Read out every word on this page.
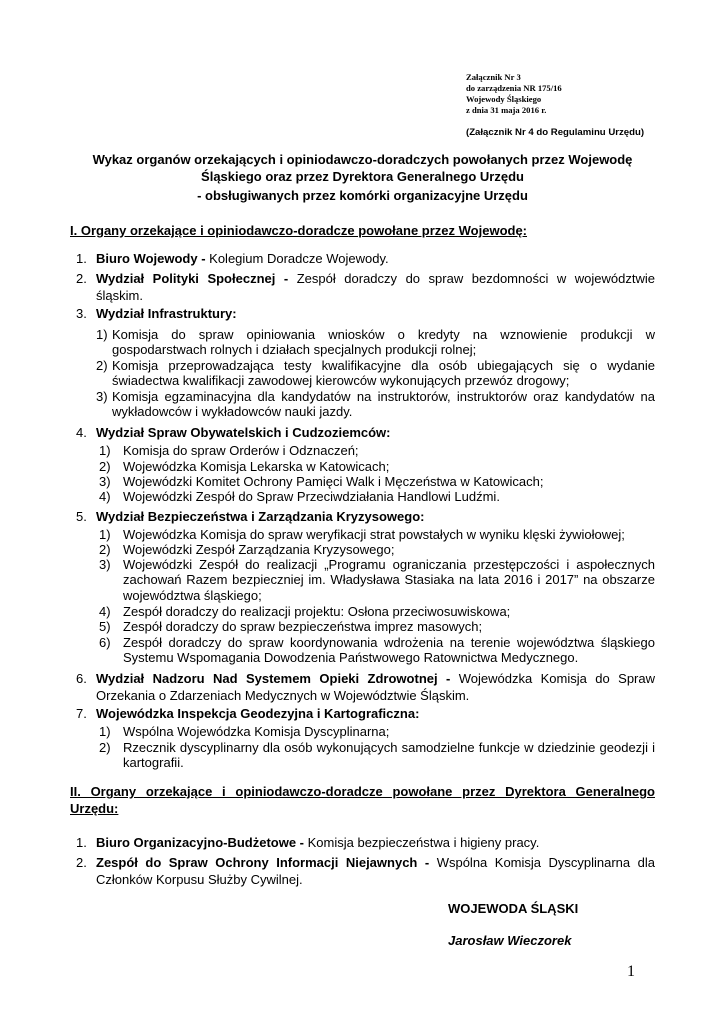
Załącznik Nr 3
do zarządzenia NR 175/16
Wojewody Śląskiego
z dnia 31 maja 2016 r.
(Załącznik Nr 4 do Regulaminu Urzędu)
Wykaz organów orzekających i opiniodawczo-doradczych powołanych przez Wojewodę Śląskiego oraz przez Dyrektora Generalnego Urzędu
- obsługiwanych przez komórki organizacyjne Urzędu
I. Organy orzekające i opiniodawczo-doradcze powołane przez Wojewodę:
1. Biuro Wojewody - Kolegium Doradcze Wojewody.
2. Wydział Polityki Społecznej - Zespół doradczy do spraw bezdomności w województwie śląskim.
3. Wydział Infrastruktury:
1) Komisja do spraw opiniowania wniosków o kredyty na wznowienie produkcji w gospodarstwach rolnych i działach specjalnych produkcji rolnej;
2) Komisja przeprowadzająca testy kwalifikacyjne dla osób ubiegających się o wydanie świadectwa kwalifikacji zawodowej kierowców wykonujących przewóz drogowy;
3) Komisja egzaminacyjna dla kandydatów na instruktorów, instruktorów oraz kandydatów na wykładowców i wykładowców nauki jazdy.
4. Wydział Spraw Obywatelskich i Cudzoziemców:
1) Komisja do spraw Orderów i Odznaczeń;
2) Wojewódzka Komisja Lekarska w Katowicach;
3) Wojewódzki Komitet Ochrony Pamięci Walk i Męczeństwa w Katowicach;
4) Wojewódzki Zespół do Spraw Przeciwdziałania Handlowi Ludźmi.
5. Wydział Bezpieczeństwa i Zarządzania Kryzysowego:
1) Wojewódzka Komisja do spraw weryfikacji strat powstałych w wyniku klęski żywiołowej;
2) Wojewódzki Zespół Zarządzania Kryzysowego;
3) Wojewódzki Zespół do realizacji „Programu ograniczania przestępczości i aspołecznych zachowań Razem bezpieczniej im. Władysława Stasiaka na lata 2016 i 2017” na obszarze województwa śląskiego;
4) Zespół doradczy do realizacji projektu: Osłona przeciwosuwiskowa;
5) Zespół doradczy do spraw bezpieczeństwa imprez masowych;
6) Zespół doradczy do spraw koordynowania wdrożenia na terenie województwa śląskiego Systemu Wspomagania Dowodzenia Państwowego Ratownictwa Medycznego.
6. Wydział Nadzoru Nad Systemem Opieki Zdrowotnej - Wojewódzka Komisja do Spraw Orzekania o Zdarzeniach Medycznych w Województwie Śląskim.
7. Wojewódzka Inspekcja Geodezyjna i Kartograficzna:
1) Wspólna Wojewódzka Komisja Dyscyplinarna;
2) Rzecznik dyscyplinarny dla osób wykonujących samodzielne funkcje w dziedzinie geodezji i kartografii.
II. Organy orzekające i opiniodawczo-doradcze powołane przez Dyrektora Generalnego Urzędu:
1. Biuro Organizacyjno-Budżetowe - Komisja bezpieczeństwa i higieny pracy.
2. Zespół do Spraw Ochrony Informacji Niejawnych - Wspólna Komisja Dyscyplinarna dla Członków Korpusu Służby Cywilnej.
WOJEWODA ŚLĄSKI
Jarosław Wieczorek
1
